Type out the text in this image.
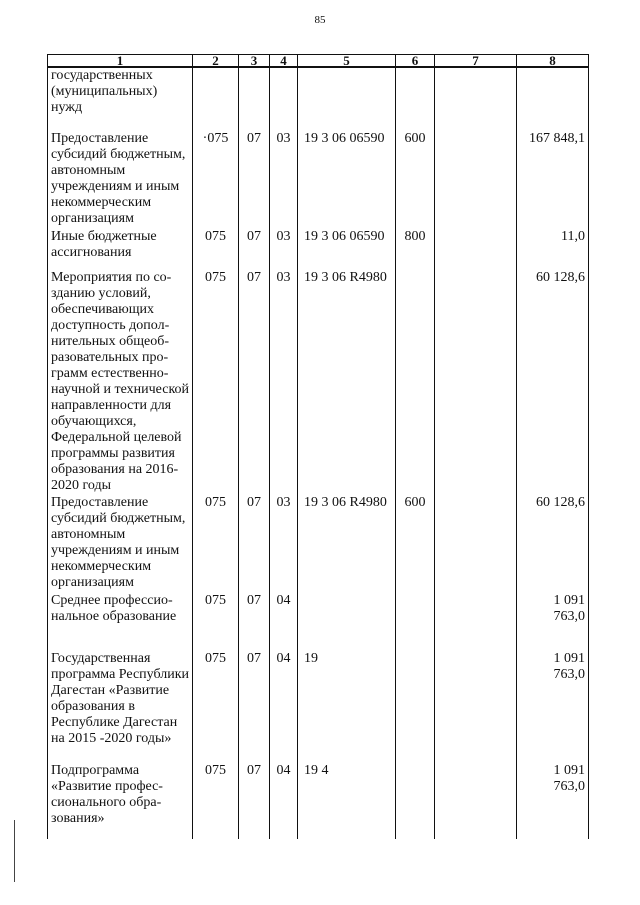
85
1	2	3	4	5	6	7	8
государственных (муниципальных) нужд							
Предоставление субсидий бюджетным, автономным учреждениям и иным некоммерческим организациям	·075	07	03	19 3 06 06590	600		167 848,1
Иные бюджетные ассигнования	075	07	03	19 3 06 06590	800		11,0
Мероприятия по созданию условий, обеспечивающих доступность дополнительных общеобразовательных программ естественнонаучной и технической направленности для обучающихся, Федеральной целевой программы развития образования на 2016-2020 годы	075	07	03	19 3 06 R4980			60 128,6
Предоставление субсидий бюджетным, автономным учреждениям и иным некоммерческим организациям	075	07	03	19 3 06 R4980	600		60 128,6
Среднее профессиональное образование	075	07	04				1 091 763,0
Государственная программа Республики Дагестан «Развитие образования в Республике Дагестан на 2015 -2020 годы»	075	07	04	19			1 091 763,0
Подпрограмма «Развитие профессионального образования»	075	07	04	19 4			1 091 763,0
